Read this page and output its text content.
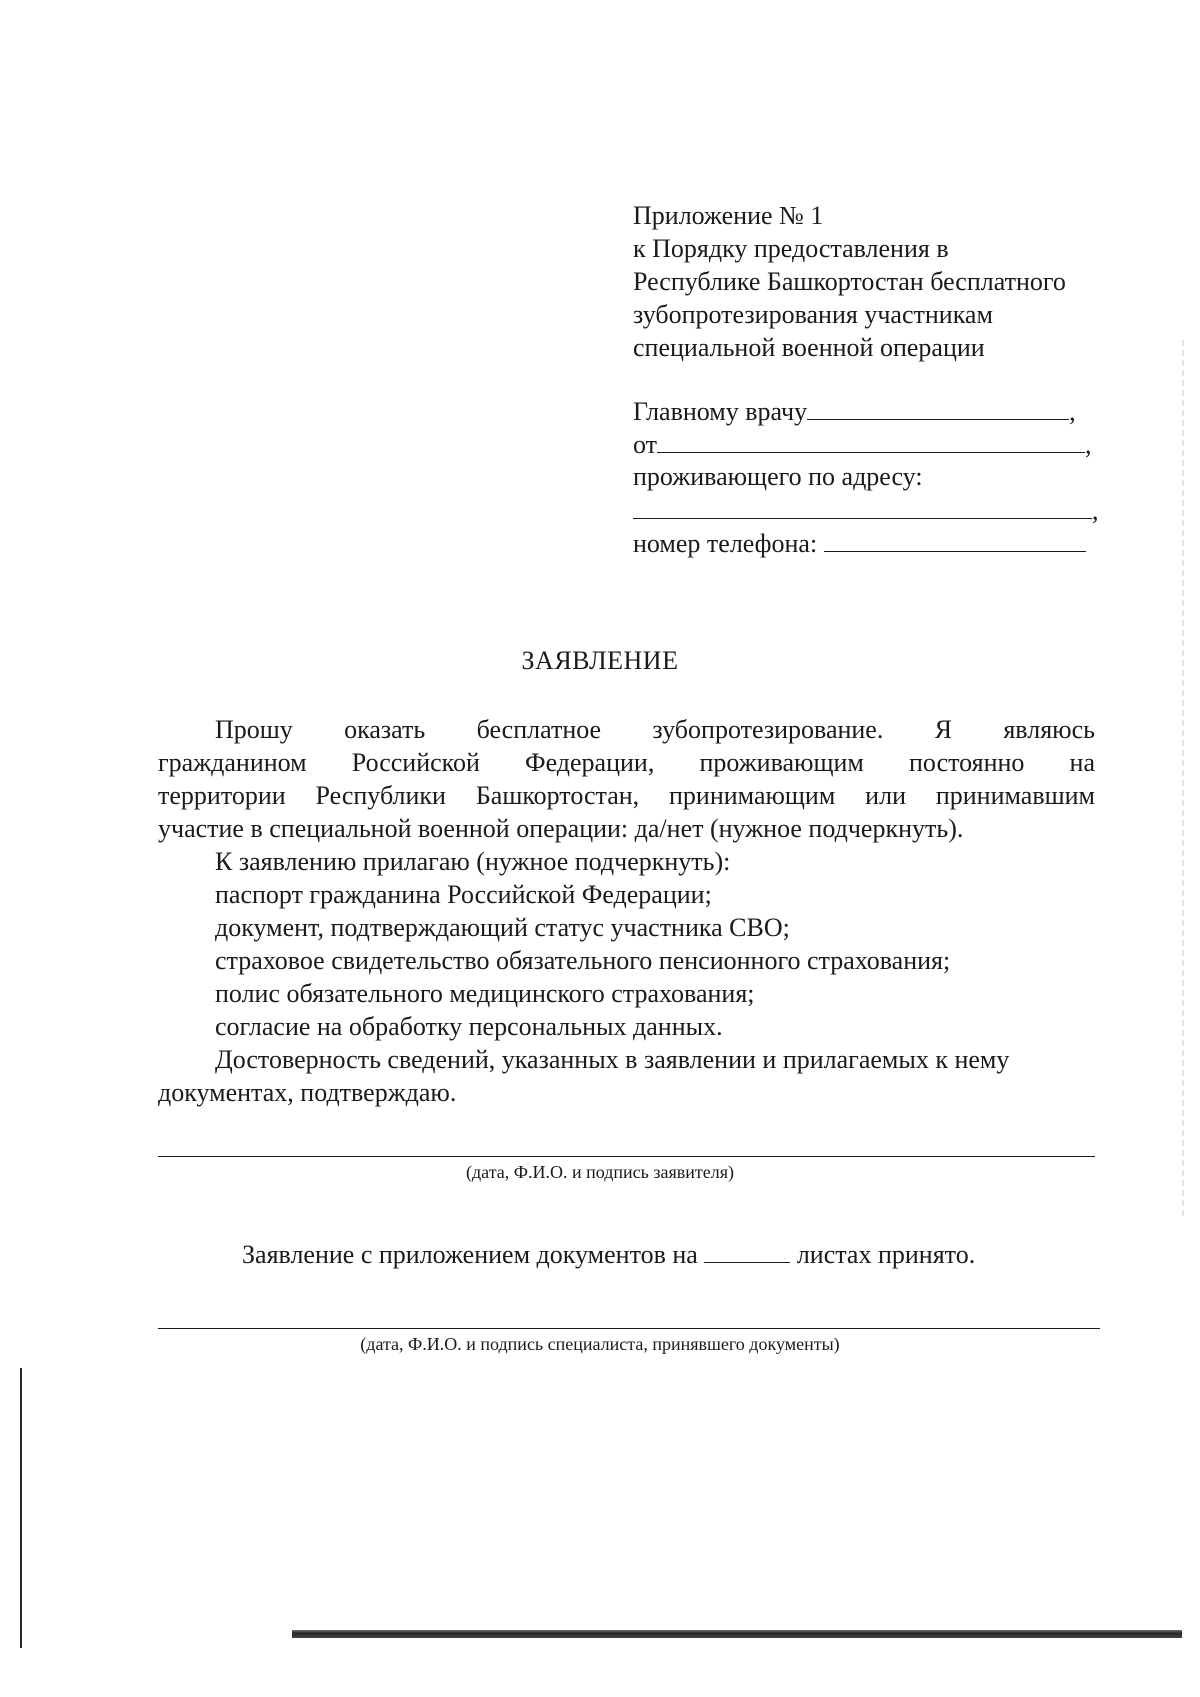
Приложение № 1
к Порядку предоставления в
Республике Башкортостан бесплатного
зубопротезирования участникам
специальной военной операции
Главному врачу	,
от	,
проживающего по адресу:
,
номер телефона:
ЗАЯВЛЕНИЕ
Прошу оказать бесплатное зубопротезирование. Я являюсь
гражданином Российской Федерации, проживающим постоянно на
территории Республики Башкортостан, принимающим или принимавшим
участие в специальной военной операции: да/нет (нужное подчеркнуть).
К заявлению прилагаю (нужное подчеркнуть):
паспорт гражданина Российской Федерации;
документ, подтверждающий статус участника СВО;
страховое свидетельство обязательного пенсионного страхования;
полис обязательного медицинского страхования;
согласие на обработку персональных данных.
Достоверность сведений, указанных в заявлении и прилагаемых к нему
документах, подтверждаю.
(дата, Ф.И.О. и подпись заявителя)
Заявление с приложением документов на	листах принято.
(дата, Ф.И.О. и подпись специалиста, принявшего документы)
